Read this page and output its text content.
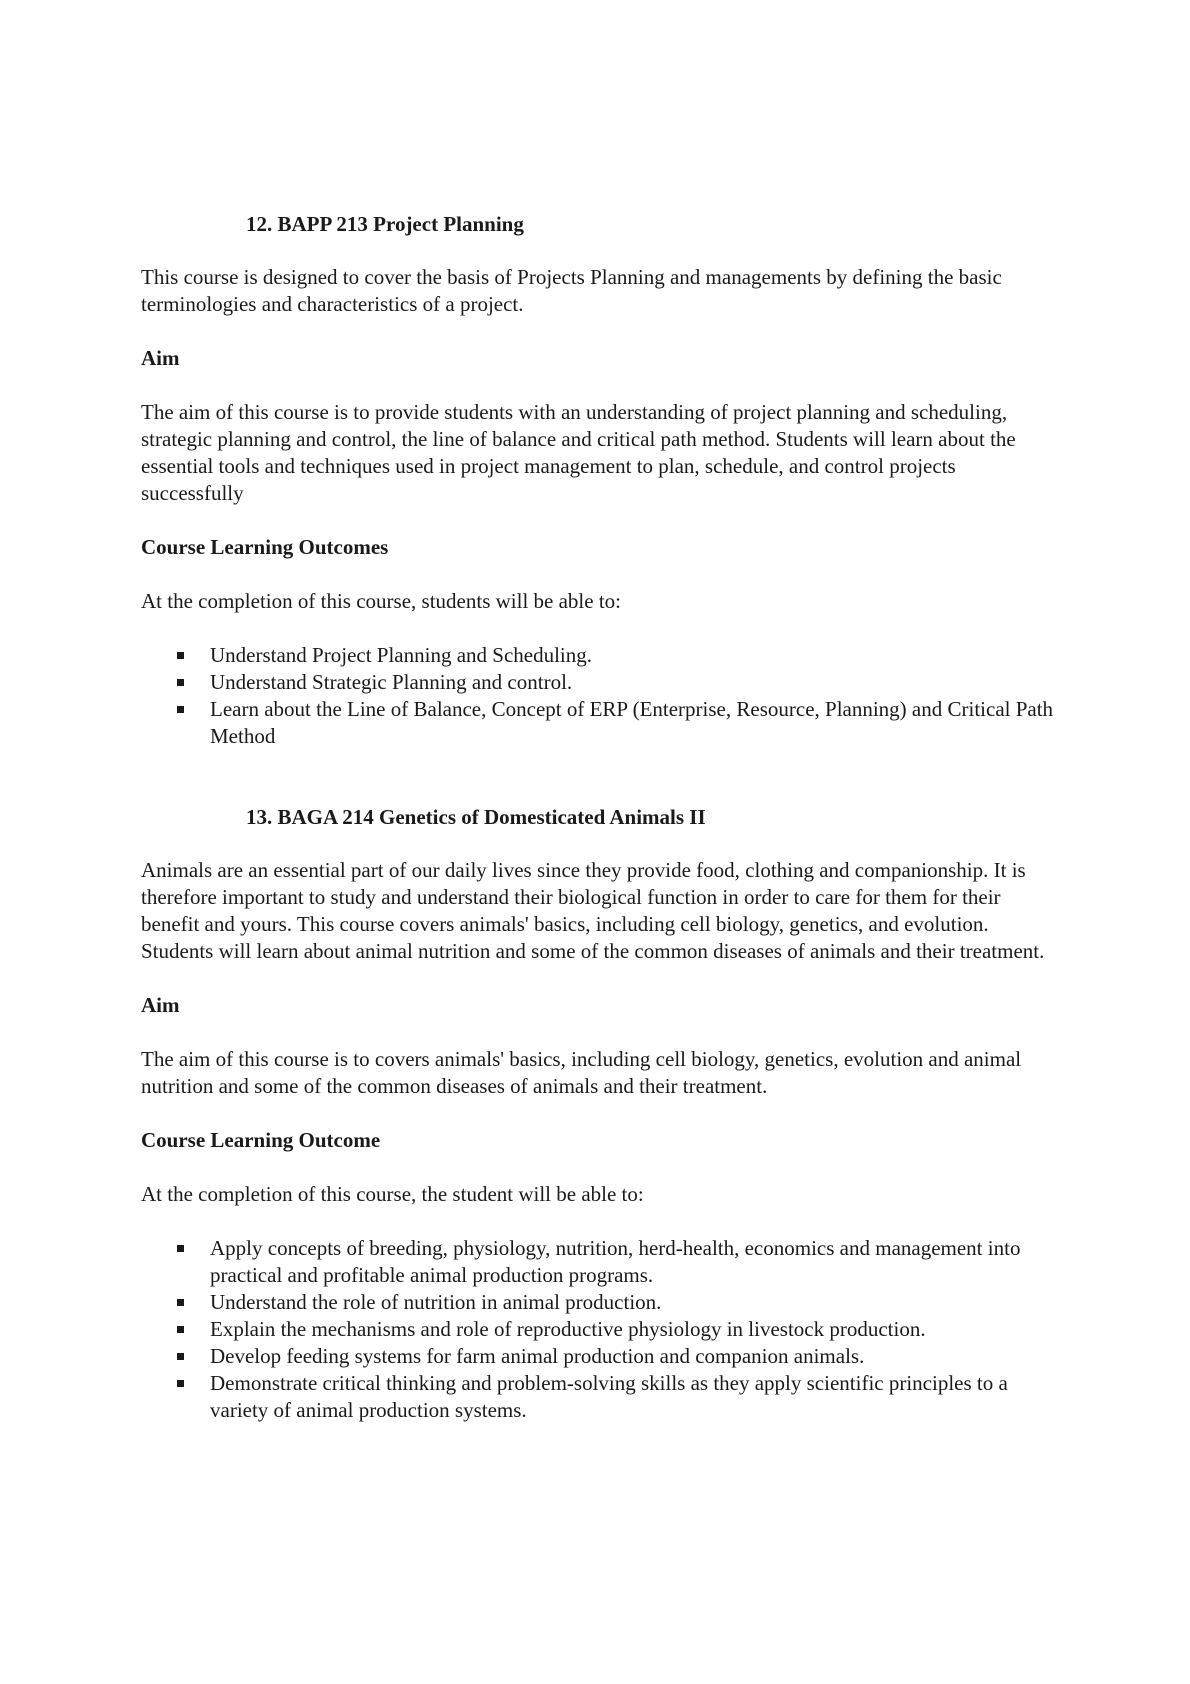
12. BAPP 213 Project Planning

This course is designed to cover the basis of Projects Planning and managements by defining the basic terminologies and characteristics of a project.

Aim

The aim of this course is to provide students with an understanding of project planning and scheduling, strategic planning and control, the line of balance and critical path method. Students will learn about the essential tools and techniques used in project management to plan, schedule, and control projects successfully

Course Learning Outcomes

At the completion of this course, students will be able to:

Understand Project Planning and Scheduling.
Understand Strategic Planning and control.
Learn about the Line of Balance, Concept of ERP (Enterprise, Resource, Planning) and Critical Path Method
13. BAGA 214 Genetics of Domesticated Animals II

Animals are an essential part of our daily lives since they provide food, clothing and companionship. It is therefore important to study and understand their biological function in order to care for them for their benefit and yours. This course covers animals' basics, including cell biology, genetics, and evolution. Students will learn about animal nutrition and some of the common diseases of animals and their treatment.

Aim

The aim of this course is to covers animals' basics, including cell biology, genetics, evolution and animal nutrition and some of the common diseases of animals and their treatment.

Course Learning Outcome

At the completion of this course, the student will be able to:

Apply concepts of breeding, physiology, nutrition, herd-health, economics and management into practical and profitable animal production programs.
Understand the role of nutrition in animal production.
Explain the mechanisms and role of reproductive physiology in livestock production.
Develop feeding systems for farm animal production and companion animals.
Demonstrate critical thinking and problem-solving skills as they apply scientific principles to a variety of animal production systems.
